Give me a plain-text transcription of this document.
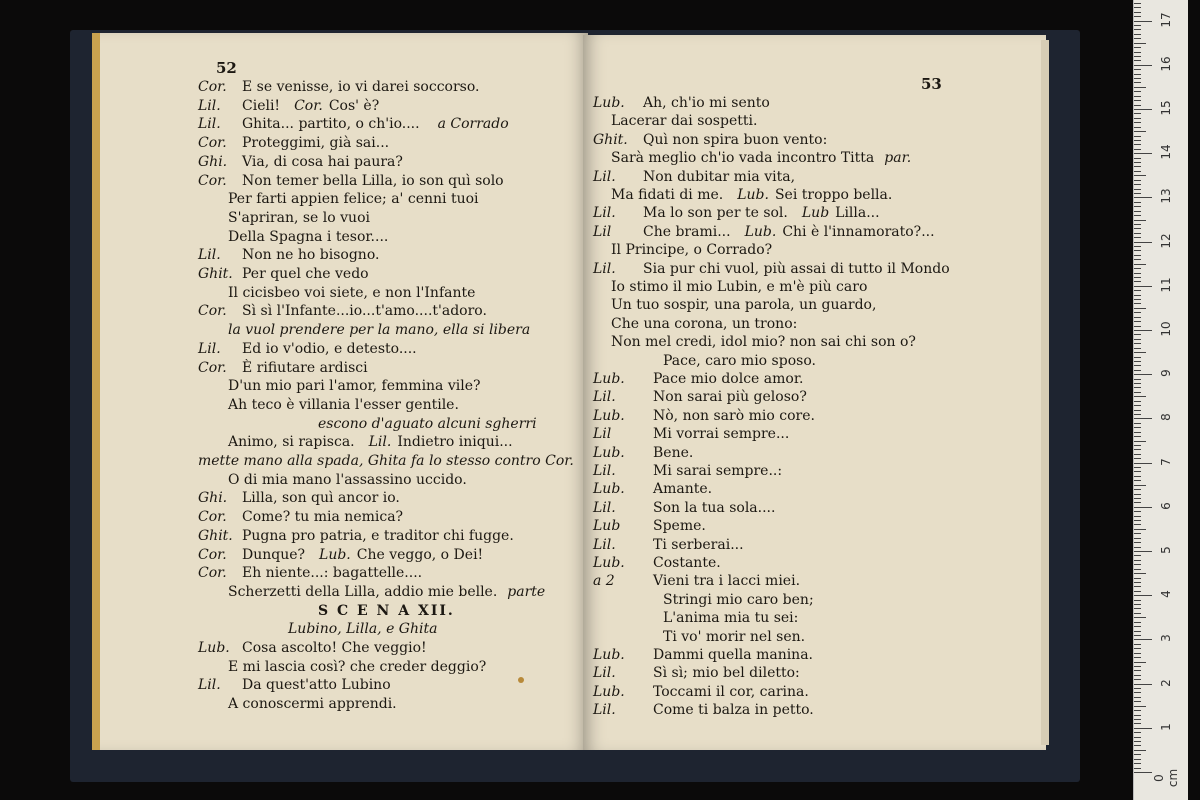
52
Cor. E se venisse, io vi darei soccorso.
Lil. Cieli! Cor. Cos' è?
Lil. Ghita... partito, o ch'io.... a Corrado
Cor. Proteggimi, già sai...
Ghi. Via, di cosa hai paura?
Cor. Non temer bella Lilla, io son quì solo
Per farti appien felice; a' cenni tuoi
S'apriran, se lo vuoi
Della Spagna i tesor....
Lil. Non ne ho bisogno.
Ghit. Per quel che vedo
Il cicisbeo voi siete, e non l'Infante
Cor. Sì sì l'Infante...io...t'amo....t'adoro.
la vuol prendere per la mano, ella si libera
Lil. Ed io v'odio, e detesto....
Cor. È rifiutare ardisci
D'un mio pari l'amor, femmina vile?
Ah teco è villania l'esser gentile.
escono d'aguato alcuni sgherri
Animo, si rapisca. Lil. Indietro iniqui...
mette mano alla spada, Ghita fa lo stesso contro Cor.
O di mia mano l'assassino uccido.
Ghi. Lilla, son quì ancor io.
Cor. Come? tu mia nemica?
Ghit. Pugna pro patria, e traditor chi fugge.
Cor. Dunque? Lub. Che veggo, o Dei!
Cor. Eh niente...: bagattelle....
Scherzetti della Lilla, addio mie belle. parte
S C E N A XII.
Lubino, Lilla, e Ghita
Lub. Cosa ascolto! Che veggio!
E mi lascia così? che creder deggio?
Lil. Da quest'atto Lubino
A conoscermi apprendi.
53
Lub. Ah, ch'io mi sento
Lacerar dai sospetti.
Ghit. Quì non spira buon vento:
Sarà meglio ch'io vada incontro Titta par.
Lil. Non dubitar mia vita,
Ma fidati di me. Lub. Sei troppo bella.
Lil. Ma lo son per te sol. Lub Lilla...
Lil Che brami... Lub. Chi è l'innamorato?...
Il Principe, o Corrado?
Lil. Sia pur chi vuol, più assai di tutto il Mondo
Io stimo il mio Lubin, e m'è più caro
Un tuo sospir, una parola, un guardo,
Che una corona, un trono:
Non mel credi, idol mio? non sai chi son o?
Pace, caro mio sposo.
Lub. Pace mio dolce amor.
Lil.	Non sarai più geloso?
Lub. Nò, non sarò mio core.
Lil	Mi vorrai sempre...
Lub. Bene.
Lil.	Mi sarai sempre..:
Lub. Amante.
Lil.	Son la tua sola....
Lub Speme.
Lil.	Ti serberai...
Lub. Costante.
a 2	Vieni tra i lacci miei.
Stringi mio caro ben;
L'anima mia tu sei:
Ti vo' morir nel sen.
Lub. Dammi quella manina.
Lil.	Sì sì; mio bel diletto:
Lub. Toccami il cor, carina.
Lil.	Come ti balza in petto.
0 cm
1
2
3
4
5
6
7
8
9
10
11
12
13
14
15
16
17
